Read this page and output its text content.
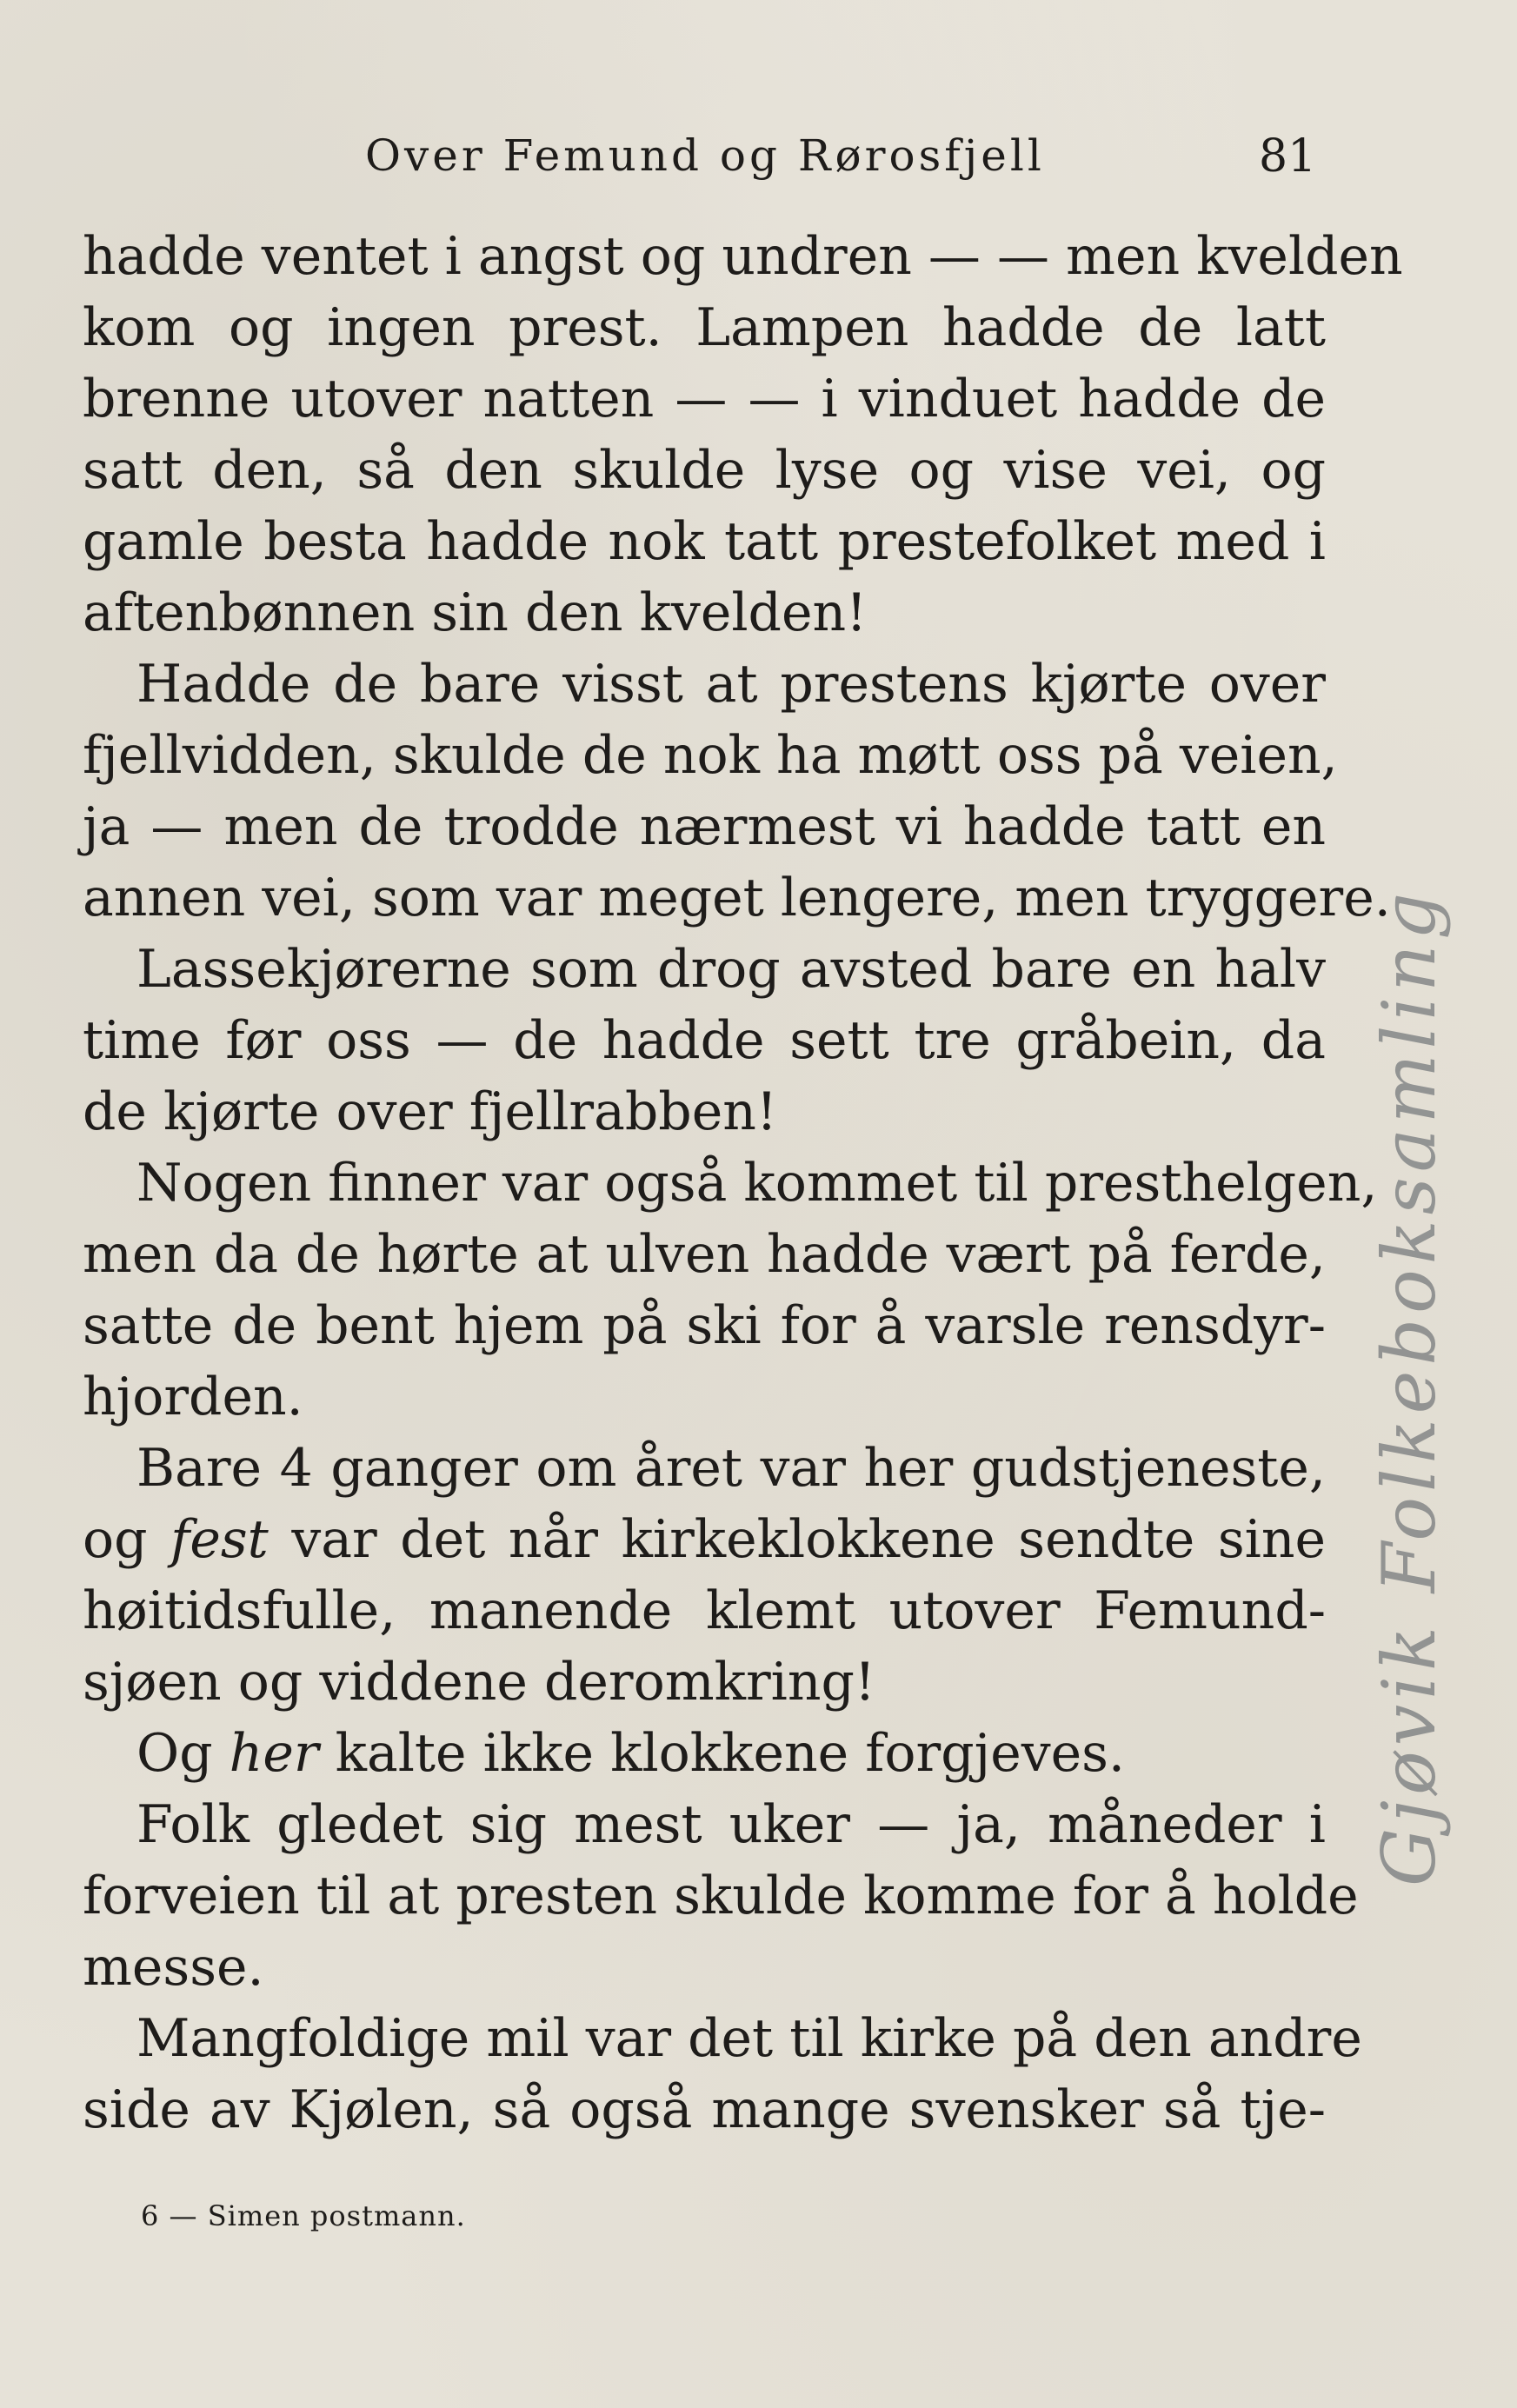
Over Femund og Rørosfjell	81
hadde ventet i angst og undren — — men kvelden
kom og ingen prest. Lampen hadde de latt
brenne utover natten — — i vinduet hadde de
satt den, så den skulde lyse og vise vei, og
gamle besta hadde nok tatt prestefolket med i
aftenbønnen sin den kvelden!
Hadde de bare visst at prestens kjørte over
fjellvidden, skulde de nok ha møtt oss på veien,
ja — men de trodde nærmest vi hadde tatt en
annen vei, som var meget lengere, men tryggere.
Lassekjørerne som drog avsted bare en halv
time før oss — de hadde sett tre gråbein, da
de kjørte over fjellrabben!
Nogen finner var også kommet til presthelgen,
men da de hørte at ulven hadde vært på ferde,
satte de bent hjem på ski for å varsle rensdyr-
hjorden.
Bare 4 ganger om året var her gudstjeneste,
og fest var det når kirkeklokkene sendte sine
høitidsfulle, manende klemt utover Femund-
sjøen og viddene deromkring!
Og her kalte ikke klokkene forgjeves.
Folk gledet sig mest uker — ja, måneder i
forveien til at presten skulde komme for å holde
messe.
Mangfoldige mil var det til kirke på den andre
side av Kjølen, så også mange svensker så tje-
6 — Simen postmann.
Gjøvik Folkeboksamling
